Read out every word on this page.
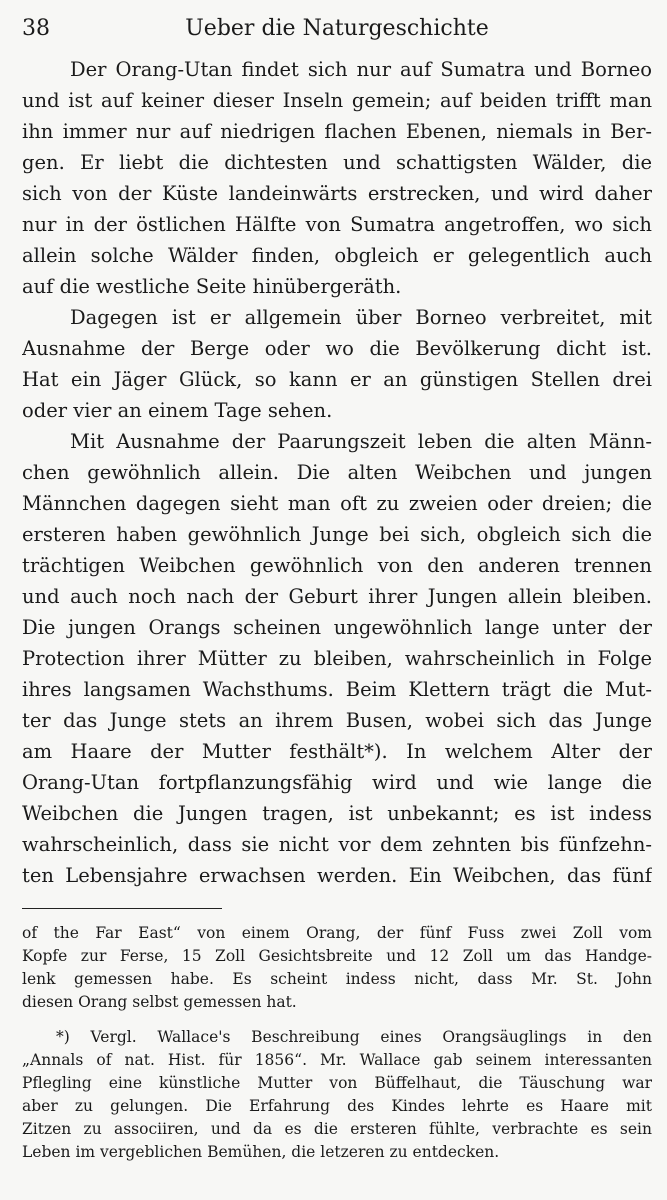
38	Ueber die Naturgeschichte
Der Orang-Utan findet sich nur auf Sumatra und Borneo
und ist auf keiner dieser Inseln gemein; auf beiden trifft man
ihn immer nur auf niedrigen flachen Ebenen, niemals in Ber-
gen. Er liebt die dichtesten und schattigsten Wälder, die
sich von der Küste landeinwärts erstrecken, und wird daher
nur in der östlichen Hälfte von Sumatra angetroffen, wo sich
allein solche Wälder finden, obgleich er gelegentlich auch
auf die westliche Seite hinübergeräth.
Dagegen ist er allgemein über Borneo verbreitet, mit
Ausnahme der Berge oder wo die Bevölkerung dicht ist.
Hat ein Jäger Glück, so kann er an günstigen Stellen drei
oder vier an einem Tage sehen.
Mit Ausnahme der Paarungszeit leben die alten Männ-
chen gewöhnlich allein. Die alten Weibchen und jungen
Männchen dagegen sieht man oft zu zweien oder dreien; die
ersteren haben gewöhnlich Junge bei sich, obgleich sich die
trächtigen Weibchen gewöhnlich von den anderen trennen
und auch noch nach der Geburt ihrer Jungen allein bleiben.
Die jungen Orangs scheinen ungewöhnlich lange unter der
Protection ihrer Mütter zu bleiben, wahrscheinlich in Folge
ihres langsamen Wachsthums. Beim Klettern trägt die Mut-
ter das Junge stets an ihrem Busen, wobei sich das Junge
am Haare der Mutter festhält*). In welchem Alter der
Orang-Utan fortpflanzungsfähig wird und wie lange die
Weibchen die Jungen tragen, ist unbekannt; es ist indess
wahrscheinlich, dass sie nicht vor dem zehnten bis fünfzehn-
ten Lebensjahre erwachsen werden. Ein Weibchen, das fünf
of the Far East“ von einem Orang, der fünf Fuss zwei Zoll vom
Kopfe zur Ferse, 15 Zoll Gesichtsbreite und 12 Zoll um das Handge-
lenk gemessen habe. Es scheint indess nicht, dass Mr. St. John
diesen Orang selbst gemessen hat.
*) Vergl. Wallace's Beschreibung eines Orangsäuglings in den
„Annals of nat. Hist. für 1856“. Mr. Wallace gab seinem interessanten
Pflegling eine künstliche Mutter von Büffelhaut, die Täuschung war
aber zu gelungen. Die Erfahrung des Kindes lehrte es Haare mit
Zitzen zu associiren, und da es die ersteren fühlte, verbrachte es sein
Leben im vergeblichen Bemühen, die letzeren zu entdecken.
